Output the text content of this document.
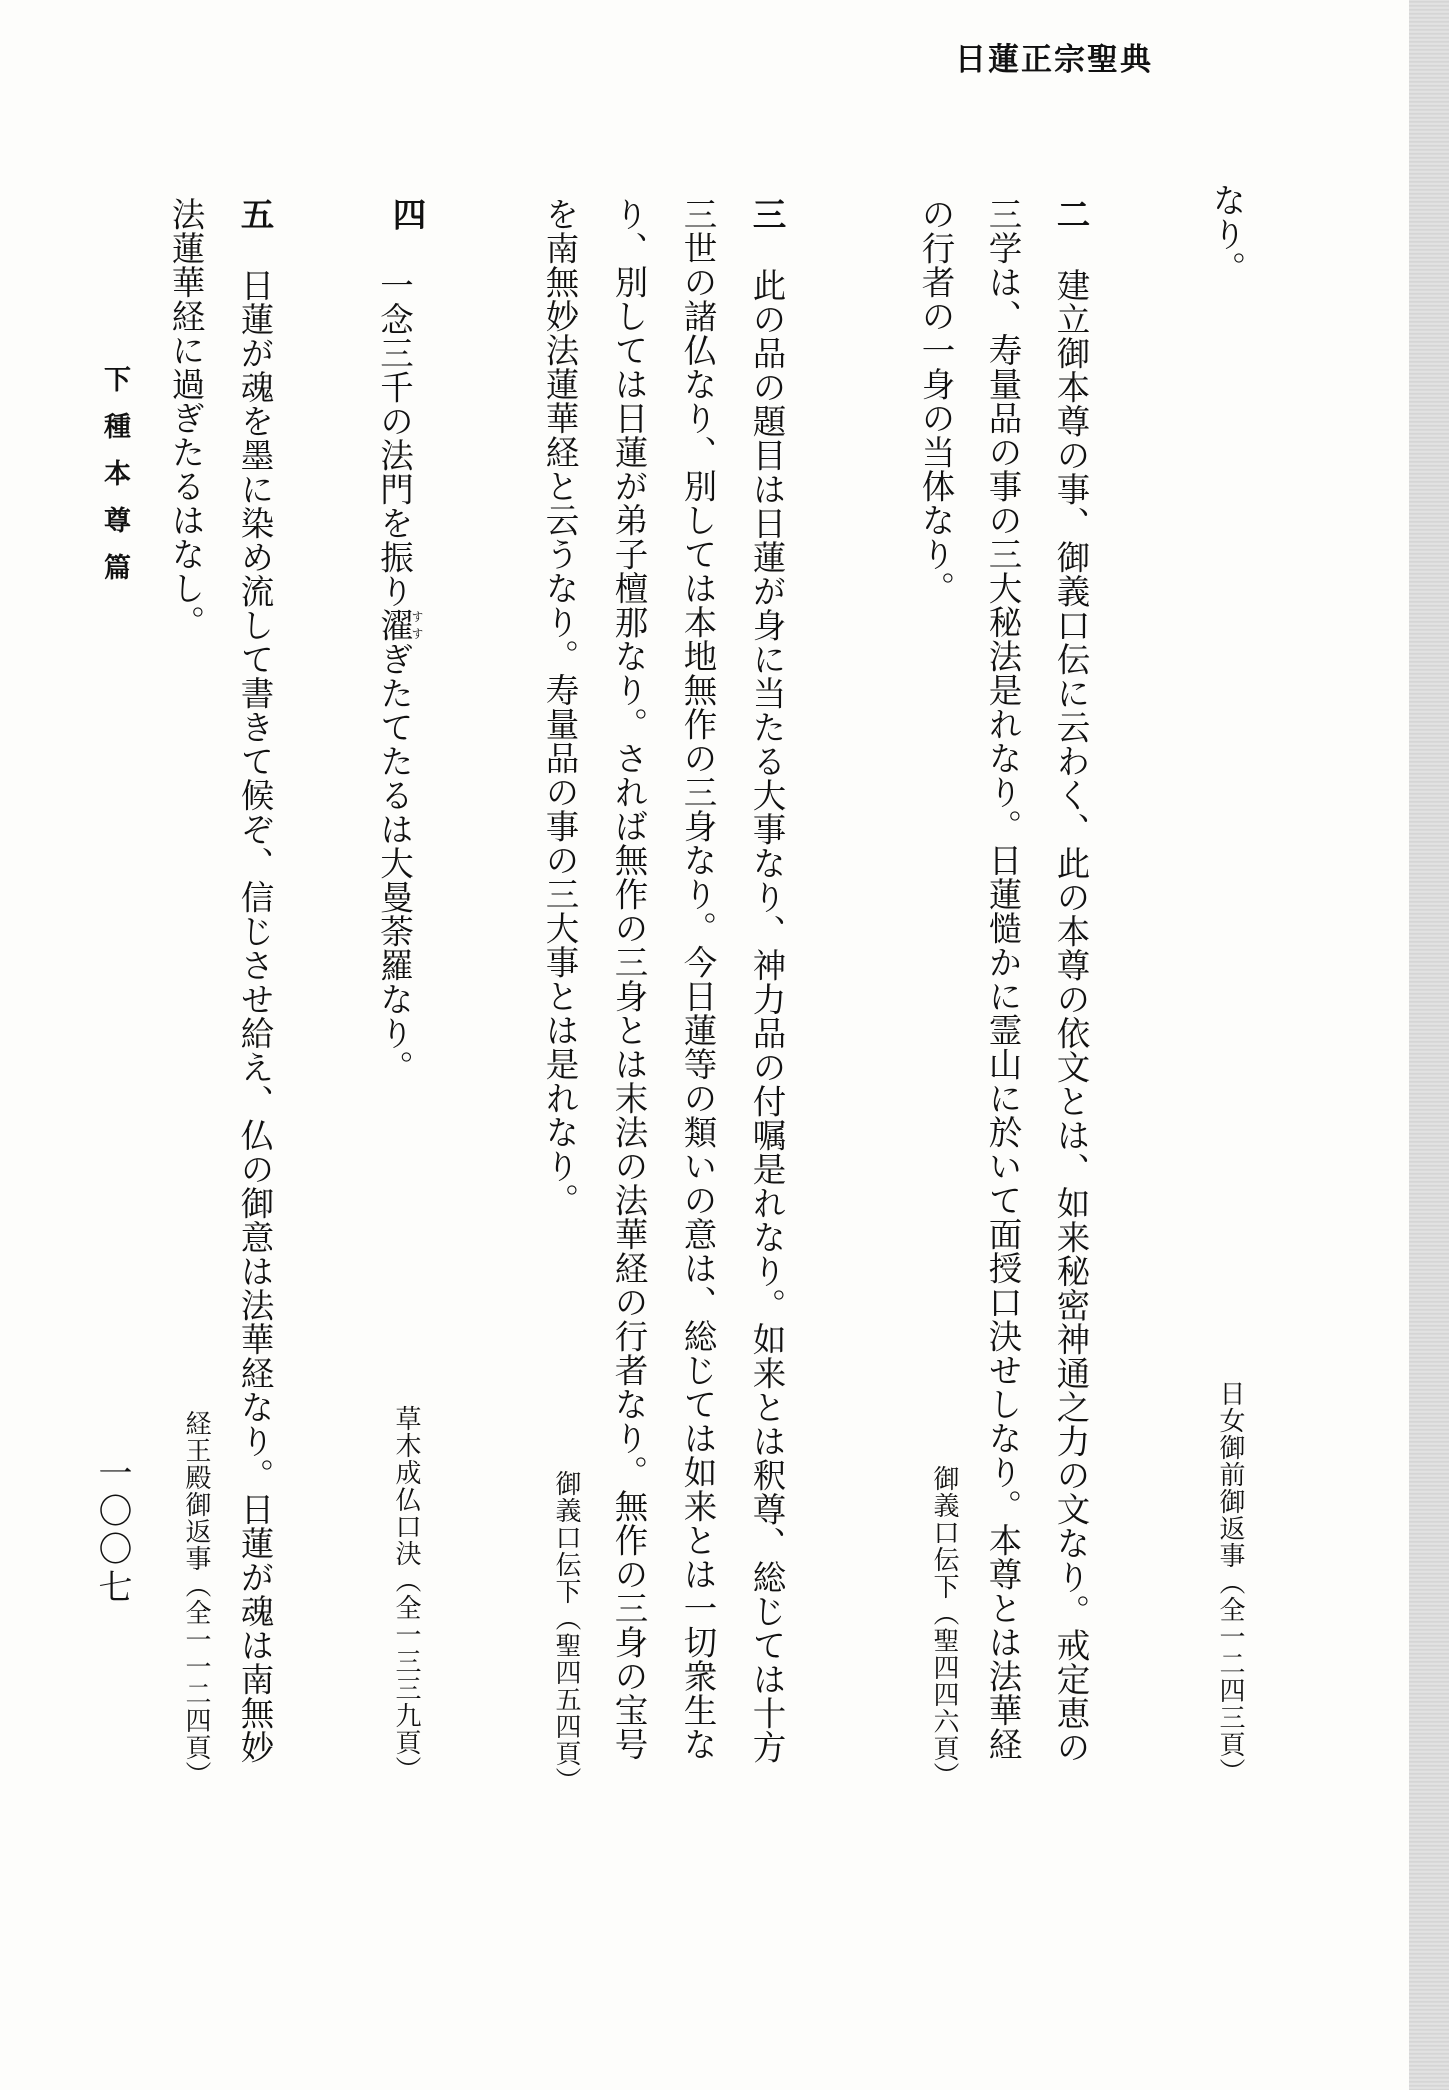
日蓮正宗聖典
なり。
日女御前御返事（全一二四三頁）
二
建立御本尊の事、御義口伝に云わく、此の本尊の依文とは、如来秘密神通之力の文なり。戒定恵の
三学は、寿量品の事の三大秘法是れなり。日蓮慥かに霊山に於いて面授口決せしなり。本尊とは法華経
の行者の一身の当体なり。
御義口伝下（聖四四六頁）
三
此の品の題目は日蓮が身に当たる大事なり、神力品の付嘱是れなり。如来とは釈尊、総じては十方
三世の諸仏なり、別しては本地無作の三身なり。今日蓮等の類いの意は、総じては如来とは一切衆生な
り、別しては日蓮が弟子檀那なり。されば無作の三身とは末法の法華経の行者なり。無作の三身の宝号
を南無妙法蓮華経と云うなり。寿量品の事の三大事とは是れなり。
御義口伝下（聖四五四頁）
四
一念三千の法門を振り濯すすぎたてたるは大曼荼羅なり。
草木成仏口決（全一三三九頁）
五
日蓮が魂を墨に染め流して書きて候ぞ、信じさせ給え、仏の御意は法華経なり。日蓮が魂は南無妙
法蓮華経に過ぎたるはなし。
経王殿御返事（全一一二四頁）
下種本尊篇
一〇〇七
